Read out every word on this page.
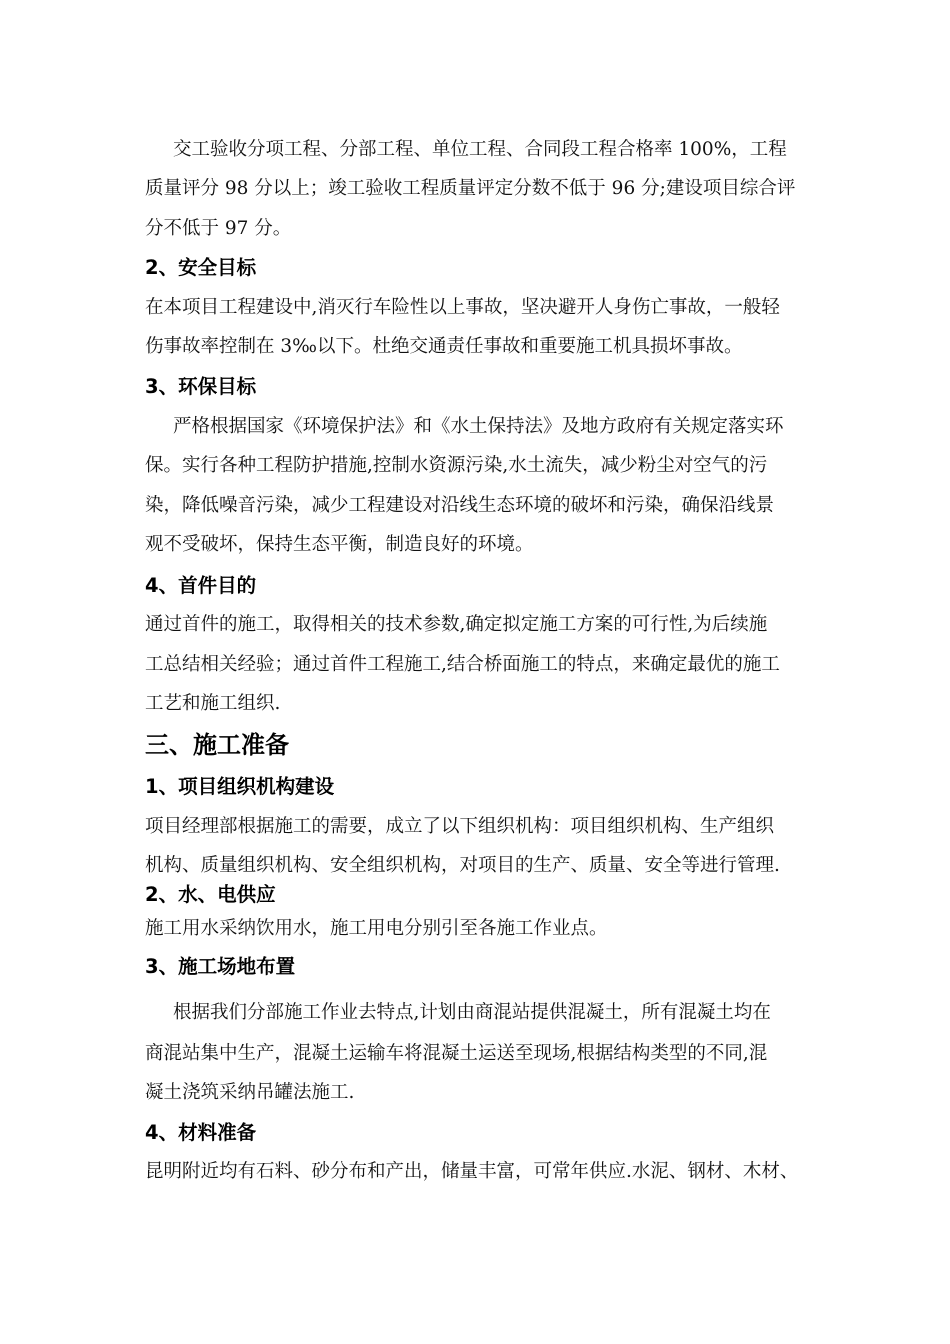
交工验收分项工程、分部工程、单位工程、合同段工程合格率 100%，工程

质量评分 98 分以上；竣工验收工程质量评定分数不低于 96 分;建设项目综合评

分不低于 97 分。

2、安全目标

在本项目工程建设中,消灭行车险性以上事故，坚决避开人身伤亡事故，一般轻

伤事故率控制在 3‰以下。杜绝交通责任事故和重要施工机具损坏事故。

3、环保目标

严格根据国家《环境保护法》和《水土保持法》及地方政府有关规定落实环

保。实行各种工程防护措施,控制水资源污染,水土流失，减少粉尘对空气的污

染，降低噪音污染，减少工程建设对沿线生态环境的破坏和污染，确保沿线景

观不受破坏，保持生态平衡，制造良好的环境。

4、首件目的

通过首件的施工，取得相关的技术参数,确定拟定施工方案的可行性,为后续施

工总结相关经验；通过首件工程施工,结合桥面施工的特点，来确定最优的施工

工艺和施工组织.

三、施工准备
1、项目组织机构建设

项目经理部根据施工的需要，成立了以下组织机构：项目组织机构、生产组织

机构、质量组织机构、安全组织机构，对项目的生产、质量、安全等进行管理.

2、水、电供应

施工用水采纳饮用水，施工用电分别引至各施工作业点。

3、施工场地布置

根据我们分部施工作业去特点,计划由商混站提供混凝土，所有混凝土均在

商混站集中生产，混凝土运输车将混凝土运送至现场,根据结构类型的不同,混

凝土浇筑采纳吊罐法施工.

4、材料准备

昆明附近均有石料、砂分布和产出，储量丰富，可常年供应.水泥、钢材、木材、
